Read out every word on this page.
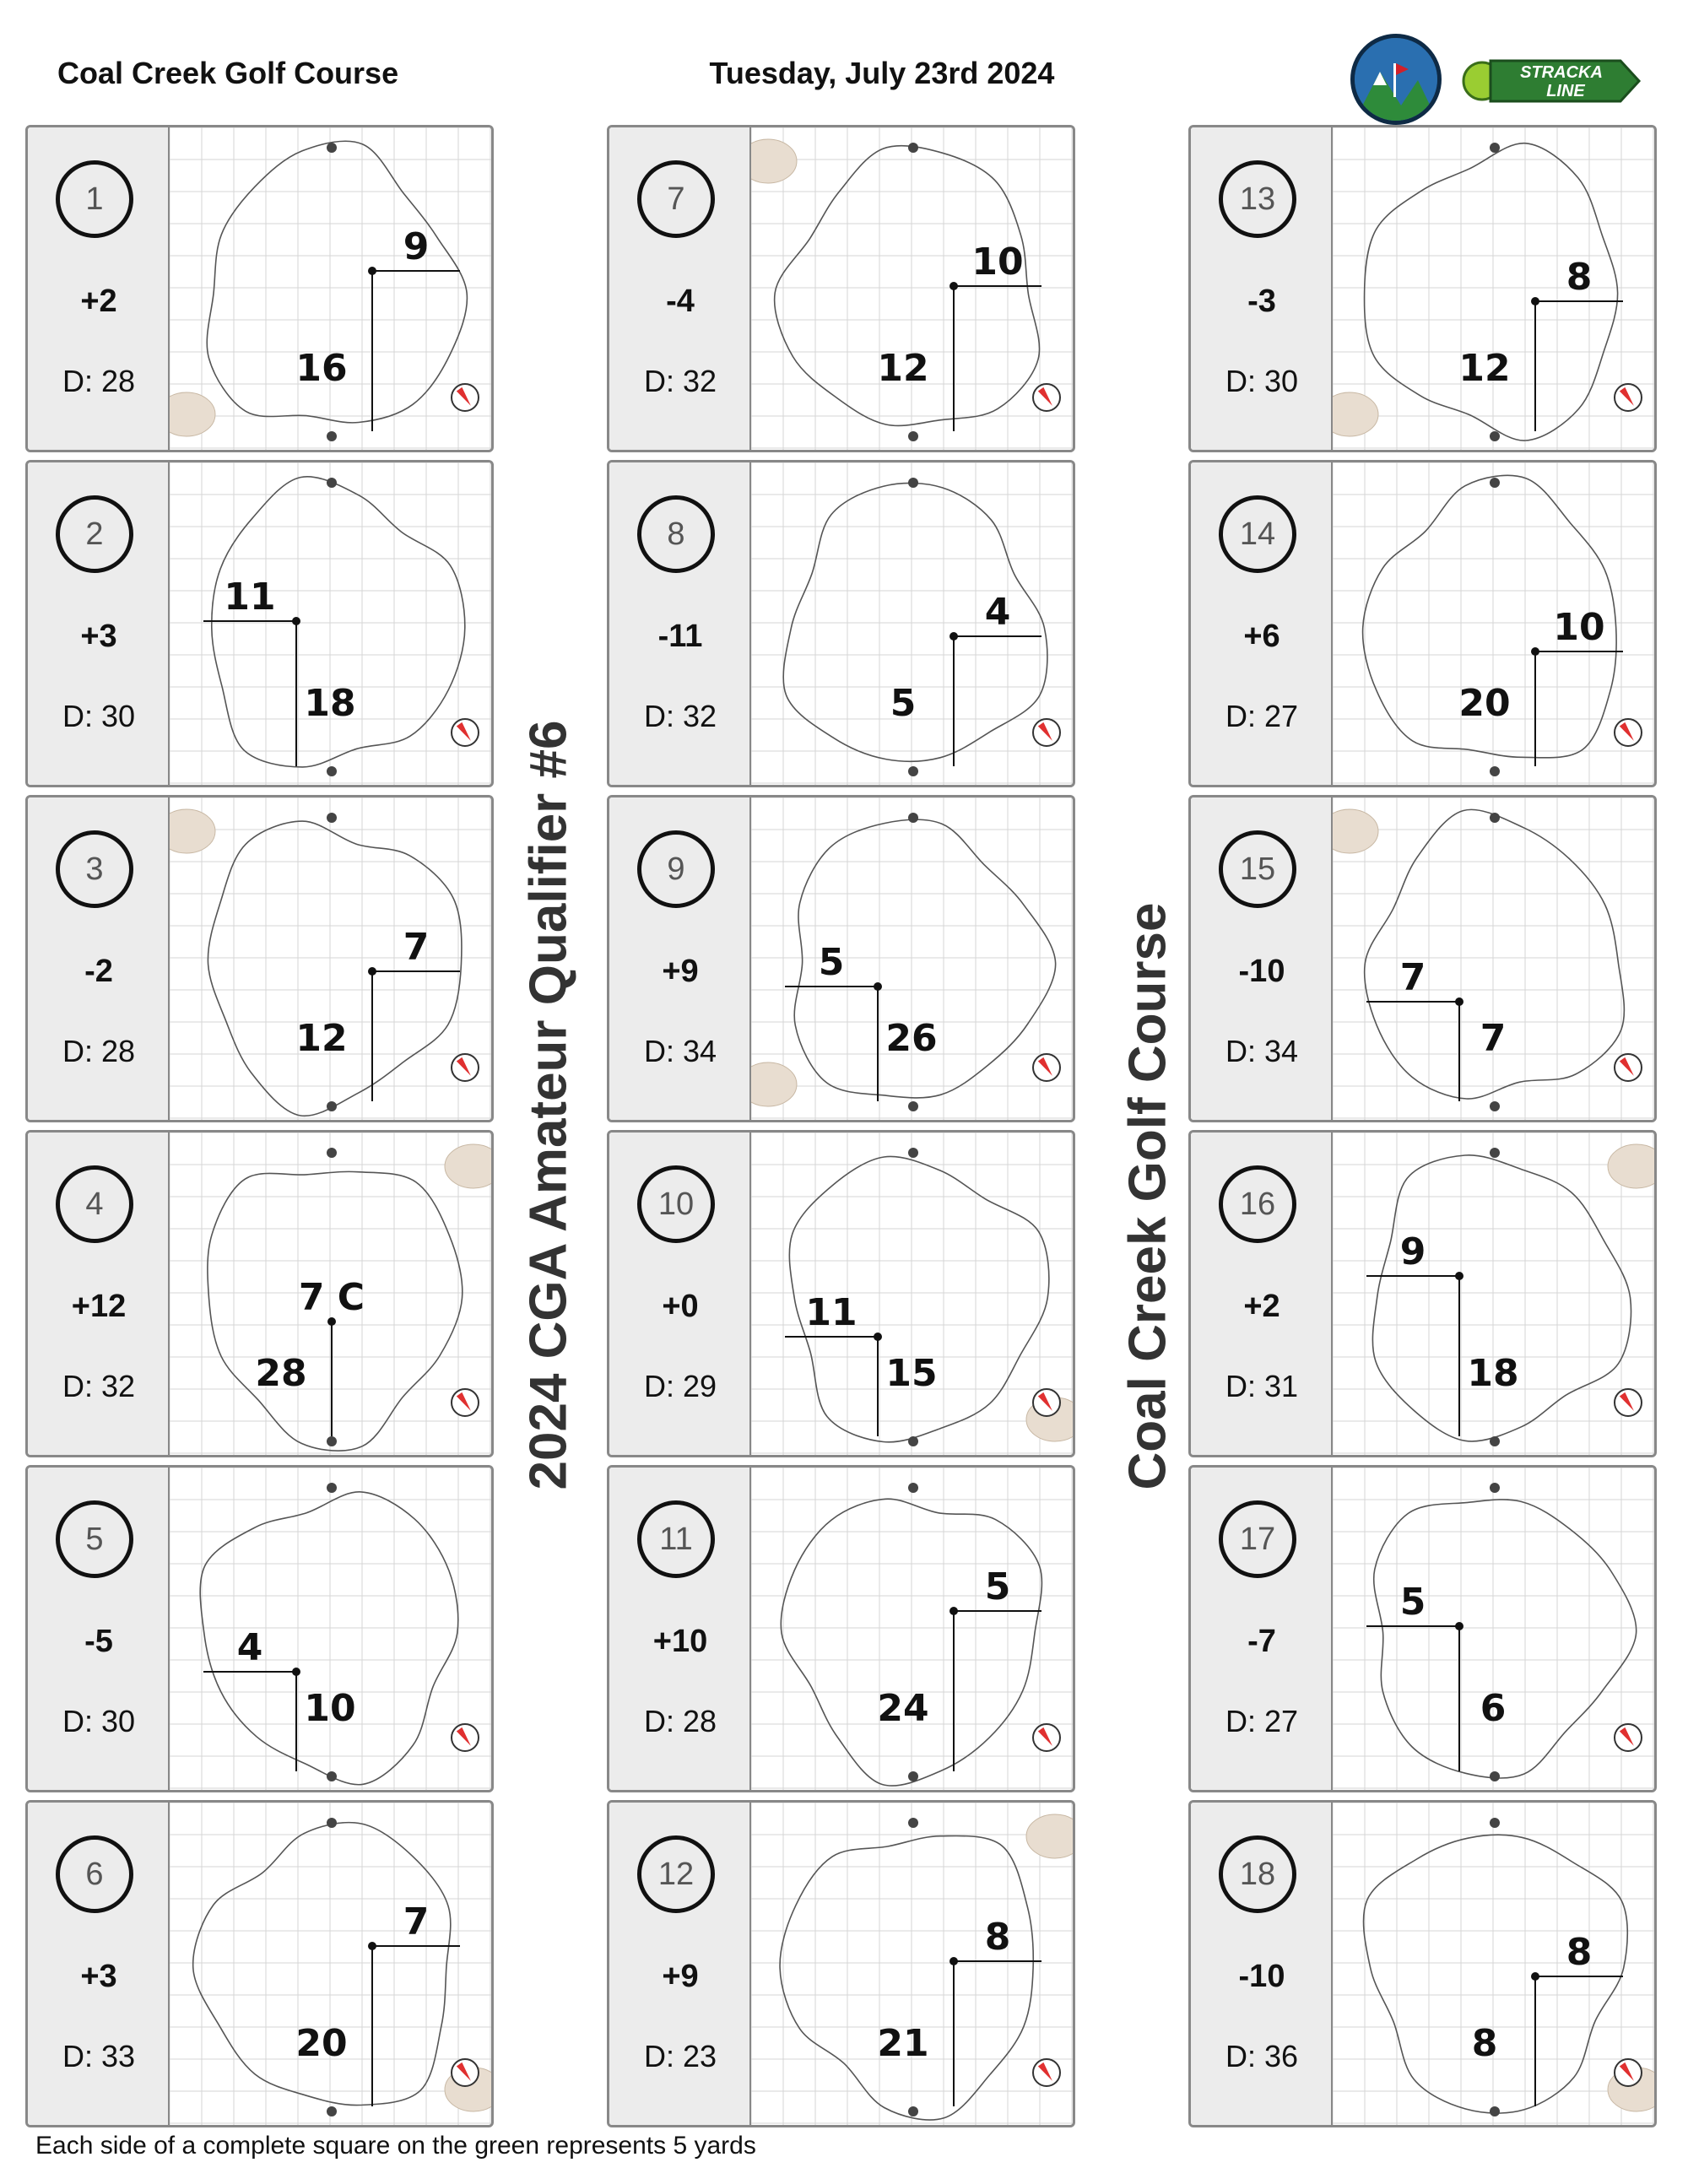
Coal Creek Golf Course	Tuesday, July 23rd 2024	STRACKA
LINE
2024 CGA Amateur Qualifier #6	Coal Creek Golf Course
1
+2
D: 28
9
16
2
+3
D: 30
11
18
3
-2
D: 28
7
12
4
+12
D: 32
7 C
28
5
-5
D: 30
4
10
6
+3
D: 33
7
20
7
-4
D: 32
10
12
8
-11
D: 32
4
5
9
+9
D: 34
5
26
10
+0
D: 29
11
15
11
+10
D: 28
5
24
12
+9
D: 23
8
21
13
-3
D: 30
8
12
14
+6
D: 27
10
20
15
-10
D: 34
7
7
16
+2
D: 31
9
18
17
-7
D: 27
5
6
18
-10
D: 36
8
8
Each side of a complete square on the green represents 5 yards
